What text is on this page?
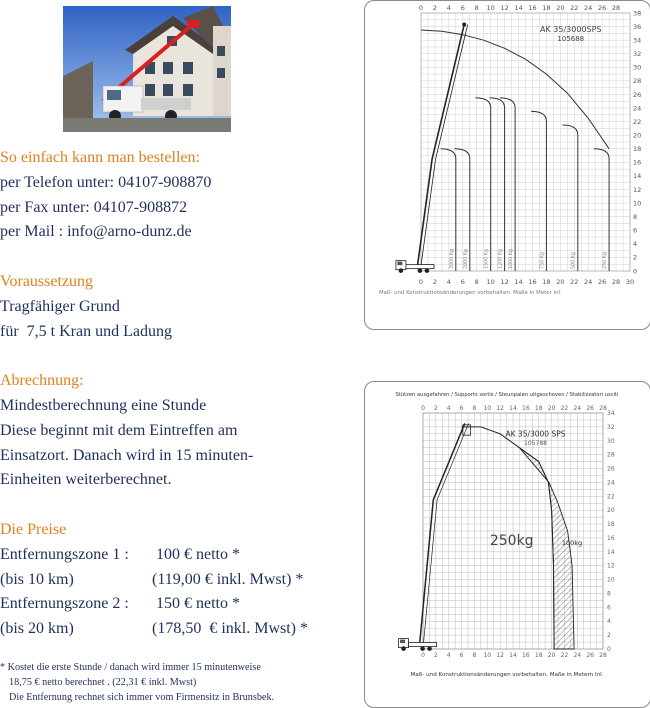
So einfach kann man bestellen:
per Telefon unter: 04107-908870
per Fax unter: 04107-908872
per Mail : info@arno-dunz.de
Voraussetzung
Tragfähiger Grund
für  7,5 t Kran und Ladung
Abrechnung:
Mindestberechnung eine Stunde
Diese beginnt mit dem Eintreffen am
Einsatzort. Danach wird in 15 minuten-
Einheiten weiterberechnet.
Die Preise
Entfernungszone 1 :	100 € netto *
(bis 10 km)	(119,00 € inkl. Mwst) *
Entfernungszone 2 :	150 € netto *
(bis 20 km)	(178,50  € inkl. Mwst) *
* Kostet die erste Stunde / danach wird immer 15 minutenweise
18,75 € netto berechnet . (22,31 € inkl. Mwst)
Die Entfernung rechnet sich immer vom Firmensitz in Brunsbek.
0 2 4 6 8 10 12 14 16 18 20 22 24 26 28
0 2 4 6 8 10 12 14 16 18 20 22 24 26 28 30
0
2
4
6
8
10
12
14
16
18
20
22
24
26
28
30
32
34
36
38
3000 Kg 2000 Kg	1500 Kg 1200 Kg 1000 Kg	750 Kg	500 Kg	250 Kg
AK 35/3000SPS
105688
Maß- und Konstruktionsänderungen vorbehalten. Maße in Meter Inl.
Stützen ausgefahren / Supports sortis / Steunpalen uitgeschoven / Stabilizzatori usciti
0
0
2
2
4
4
6
6
8
8
10
10
12
12
14
14
16
16
18
18
20
20
22
22
24
24
26
26
28
28
0
2
4
6
8
10
12
14
16
18
20
22
24
26
28
30
32
34
250kg	100kg
AK 35/3000 SPS
105788
Maß- und Konstruktionsänderungen vorbehalten. Maße in Metern Inl.
